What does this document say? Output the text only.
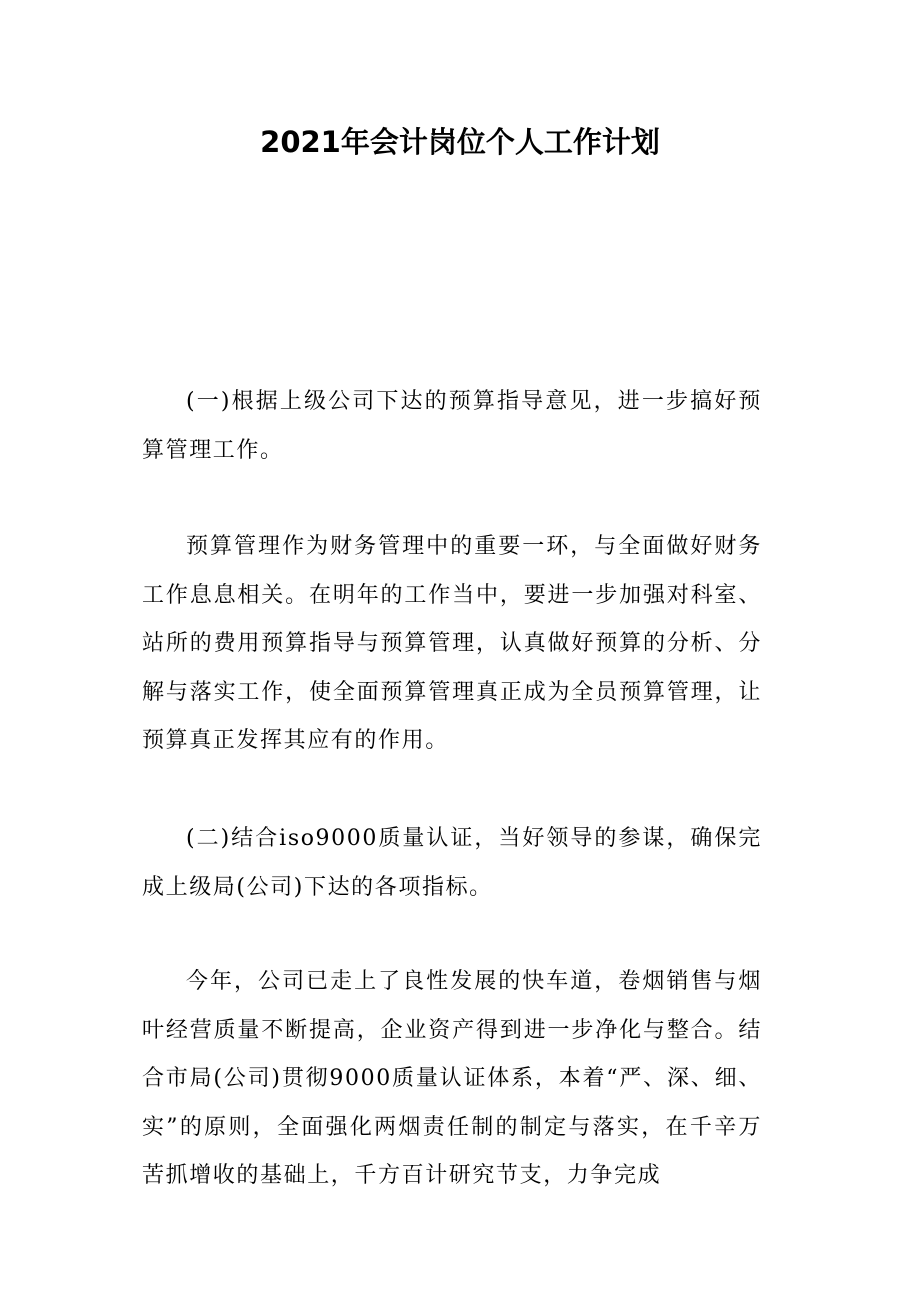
2021年会计岗位个人工作计划

(一)根据上级公司下达的预算指导意见，进一步搞好预算管理工作。

预算管理作为财务管理中的重要一环，与全面做好财务工作息息相关。在明年的工作当中，要进一步加强对科室、站所的费用预算指导与预算管理，认真做好预算的分析、分解与落实工作，使全面预算管理真正成为全员预算管理，让预算真正发挥其应有的作用。

(二)结合iso9000质量认证，当好领导的参谋，确保完成上级局(公司)下达的各项指标。

今年，公司已走上了良性发展的快车道，卷烟销售与烟叶经营质量不断提高，企业资产得到进一步净化与整合。结合市局(公司)贯彻9000质量认证体系，本着“严、深、细、实”的原则，全面强化两烟责任制的制定与落实，在千辛万苦抓增收的基础上，千方百计研究节支，力争完成
